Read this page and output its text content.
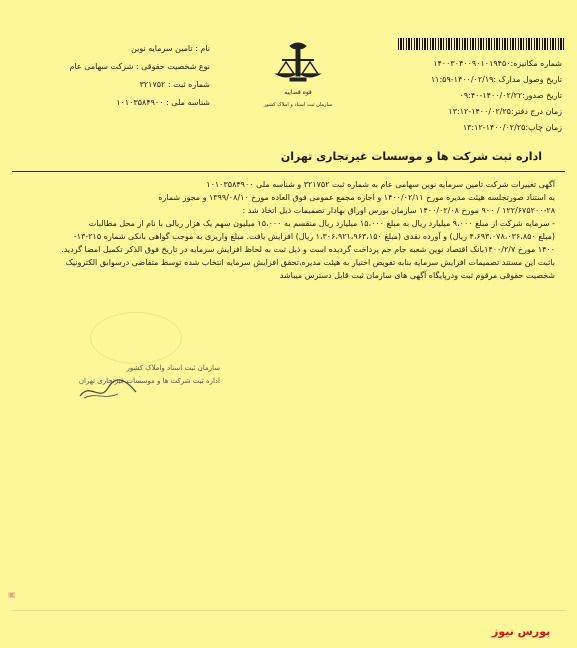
شماره مکانیزه:۱۴۰۰۳۰۴۰۰۹۰۱۰۱۹۴۵۰
تاریخ وصول مدارک :۱۴۰۰/۰۲/۱۹-۱۱:۵۹
تاریخ صدور:۱۴۰۰/۰۲/۲۲-۰۹:۴۰
زمان درج دفتر:۱۴۰۰/۰۲/۲۵-۱۳:۱۲
زمان چاپ:۱۴۰۰/۰۲/۲۵-۱۳:۱۲
نام : تامین سرمایه نوین
نوع شخصیت حقوقی : شرکت سهامی عام
شماره ثبت : ۳۲۱۷۵۲
شناسه ملی : ۱۰۱۰۳۵۸۴۹۰۰
قوه قضاییه
سازمان ثبت اسناد و املاک کشور
اداره ثبت شرکت ها و موسسات غیرتجاری تهران
آگهی تغییرات شرکت تامین سرمایه نوین سهامی عام به شماره ثبت ۳۲۱۷۵۲ و شناسه ملی ۱۰۱۰۳۵۸۴۹۰۰
به استناد صورتجلسه هیئت مدیره مورخ ۱۴۰۰/۰۲/۱۱ و اجازه مجمع عمومی فوق العاده مورخ ۱۳۹۹/۰۸/۱۰ و مجوز شماره
۱۲۲/۶۷۵۲۰۰-۲۸ / ۹۰۰ مورخ ۱۴۰۰/۰۲/۰۸ سازمان بورس اوراق بهادار تصمیمات ذیل اتخاذ شد :
- سرمایه شرکت از مبلغ ۹،۰۰۰ میلیارد ریال به مبلغ ۱۵،۰۰۰ میلیارد ریال منقسم به ۱۵،۰۰۰ میلیون سهم یک هزار ریالی با نام از محل مطالبات
(مبلغ ۴،۶۹۳،۰۷۸،۰۳۶،۸۵۰ ریال) و آورده نقدی (مبلغ ۱،۳۰۶،۹۲۱،۹۶۳،۱۵۰ ریال) افزایش یافت. مبلغ واریزی به موجب گواهی بانکی شماره ۲۱۵-۱۳-
۱۴۰۰ مورخ ۱۴۰۰/۲/۷بانک اقتصاد نوین شعبه جام جم پرداخت گردیده است و ذیل ثبت به لحاظ افزایش سرمایه در تاریخ فوق الذکر تکمیل امضا گردید.
باثبت این مستند تصمیمات افزایش سرمایه بنابه تفویض اختیار به هیئت مدیره،تحقق افزایش سرمایه انتخاب شده توسط متقاضی درسوابق الکترونیک
شخصیت حقوقی مرقوم ثبت ودرپایگاه آگهی های سازمان ثبت قابل دسترس میباشد
سازمان ثبت اسناد واملاک کشور
اداره ثبت شرکت ها و موسسات غیرتجاری تهران
▣
بورس نیوز
